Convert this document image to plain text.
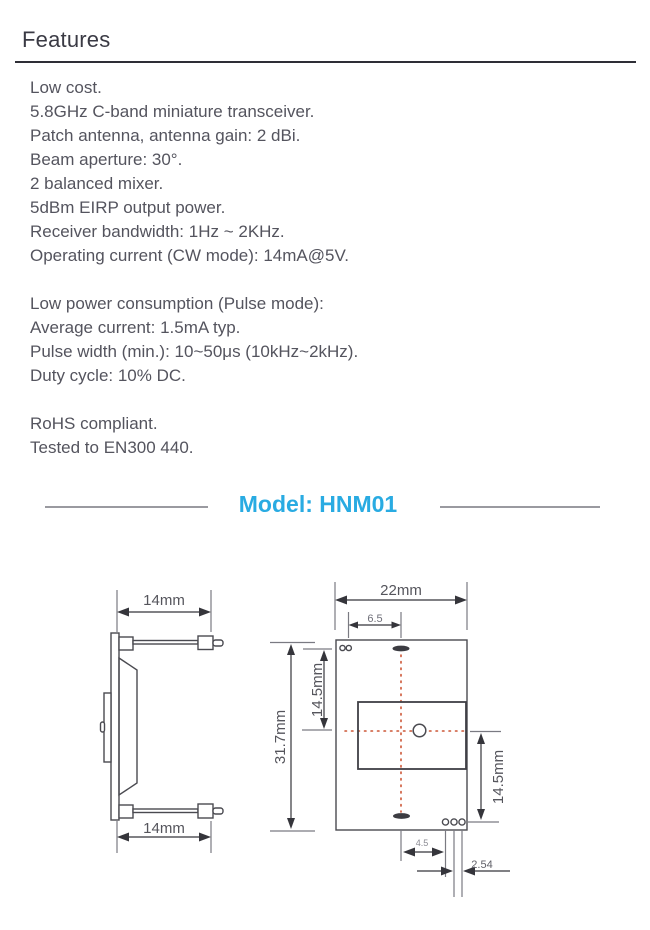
Features
Low cost.
5.8GHz C-band miniature transceiver.
Patch antenna, antenna gain: 2 dBi.
Beam aperture: 30°.
2 balanced mixer.
5dBm EIRP output power.
Receiver bandwidth: 1Hz ~ 2KHz.
Operating current (CW mode): 14mA@5V.
Low power consumption (Pulse mode):
Average current: 1.5mA typ.
Pulse width (min.): 10~50μs (10kHz~2kHz).
Duty cycle: 10% DC.
RoHS compliant.
Tested to EN300 440.
Model: HNM01
14mm
14mm
22mm
6.5
14.5mm
31.7mm
14.5mm
4.5
2.54
